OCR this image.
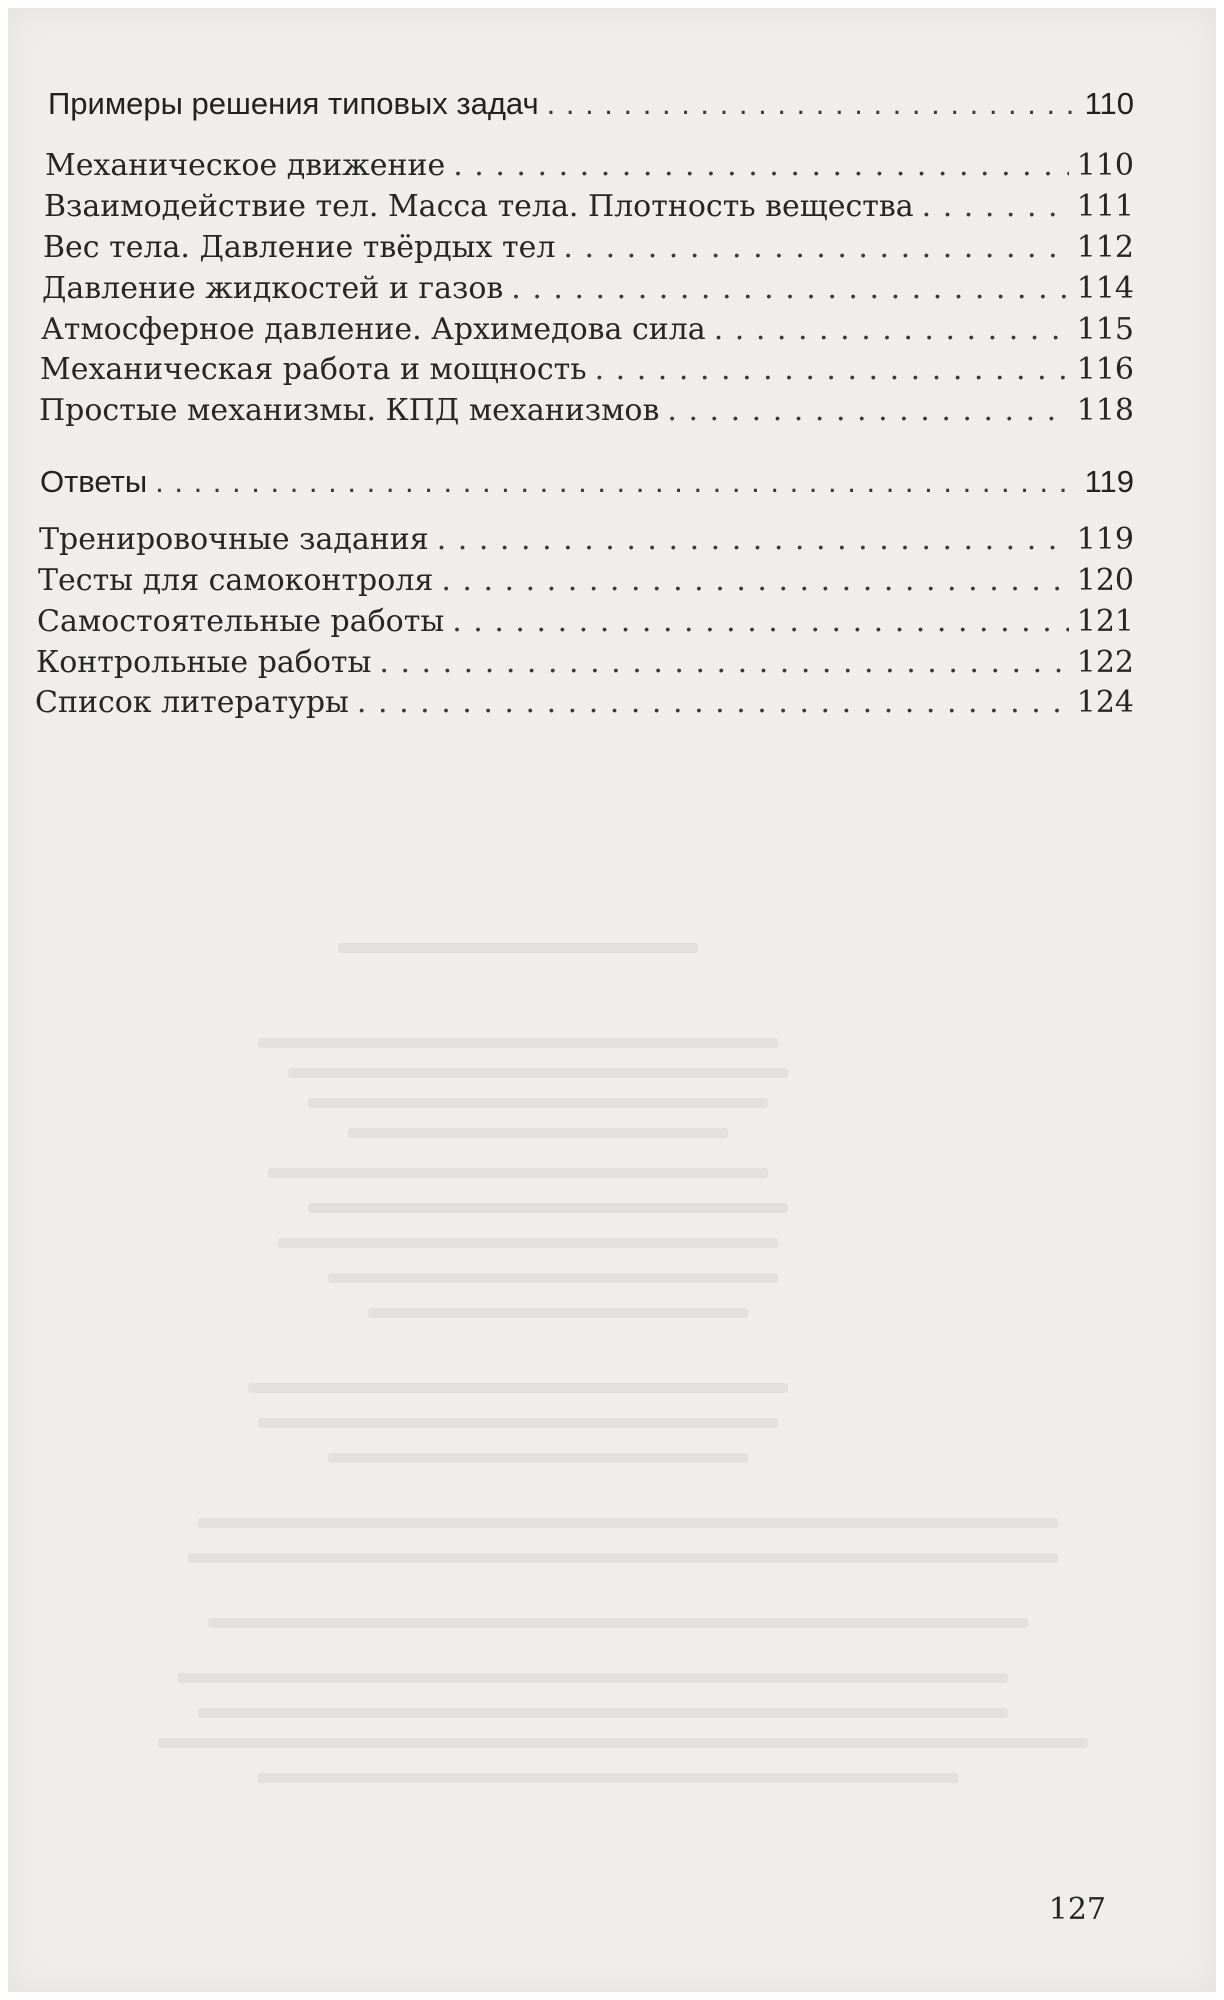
Примеры решения типовых задач . . .	110
Механическое движение . . .	110
Взаимодействие тел. Масса тела. Плотность вещества . . .	111
Вес тела. Давление твёрдых тел . . .	112
Давление жидкостей и газов . . .	114
Атмосферное давление. Архимедова сила . . .	115
Механическая работа и мощность . . .	116
Простые механизмы. КПД механизмов . . .	118
Ответы . . .	119
Тренировочные задания . . .	119
Тесты для самоконтроля . . .	120
Самостоятельные работы . . .	121
Контрольные работы . . .	122
Список литературы . . .	124
127
